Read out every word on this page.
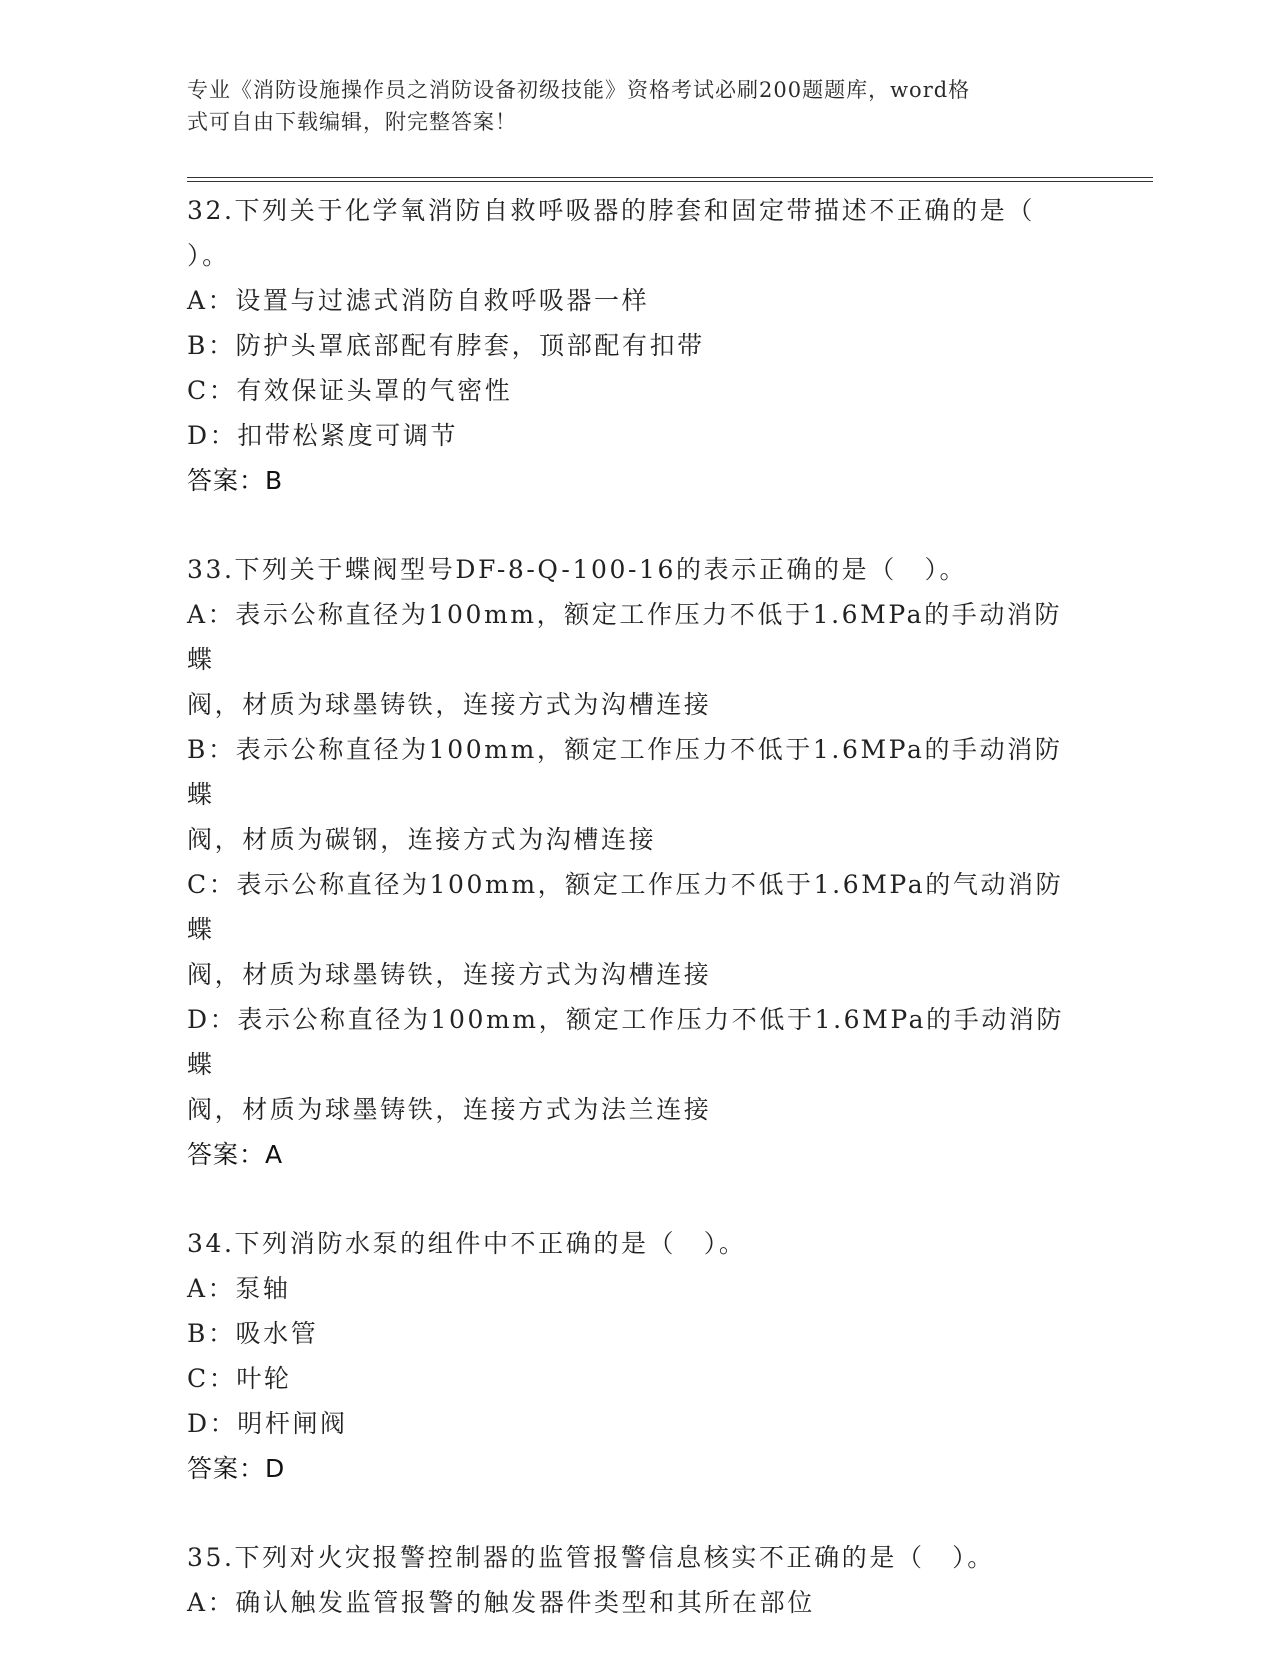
专业《消防设施操作员之消防设备初级技能》资格考试必刷200题题库，word格
式可自由下载编辑，附完整答案！
32.下列关于化学氧消防自救呼吸器的脖套和固定带描述不正确的是（
）。
A：设置与过滤式消防自救呼吸器一样
B：防护头罩底部配有脖套，顶部配有扣带
C：有效保证头罩的气密性
D：扣带松紧度可调节
答案：B
33.下列关于蝶阀型号DF-8-Q-100-16的表示正确的是（　）。
A：表示公称直径为100mm，额定工作压力不低于1.6MPa的手动消防蝶
阀，材质为球墨铸铁，连接方式为沟槽连接
B：表示公称直径为100mm，额定工作压力不低于1.6MPa的手动消防蝶
阀，材质为碳钢，连接方式为沟槽连接
C：表示公称直径为100mm，额定工作压力不低于1.6MPa的气动消防蝶
阀，材质为球墨铸铁，连接方式为沟槽连接
D：表示公称直径为100mm，额定工作压力不低于1.6MPa的手动消防蝶
阀，材质为球墨铸铁，连接方式为法兰连接
答案：A
34.下列消防水泵的组件中不正确的是（　）。
A：泵轴
B：吸水管
C：叶轮
D：明杆闸阀
答案：D
35.下列对火灾报警控制器的监管报警信息核实不正确的是（　）。
A：确认触发监管报警的触发器件类型和其所在部位
